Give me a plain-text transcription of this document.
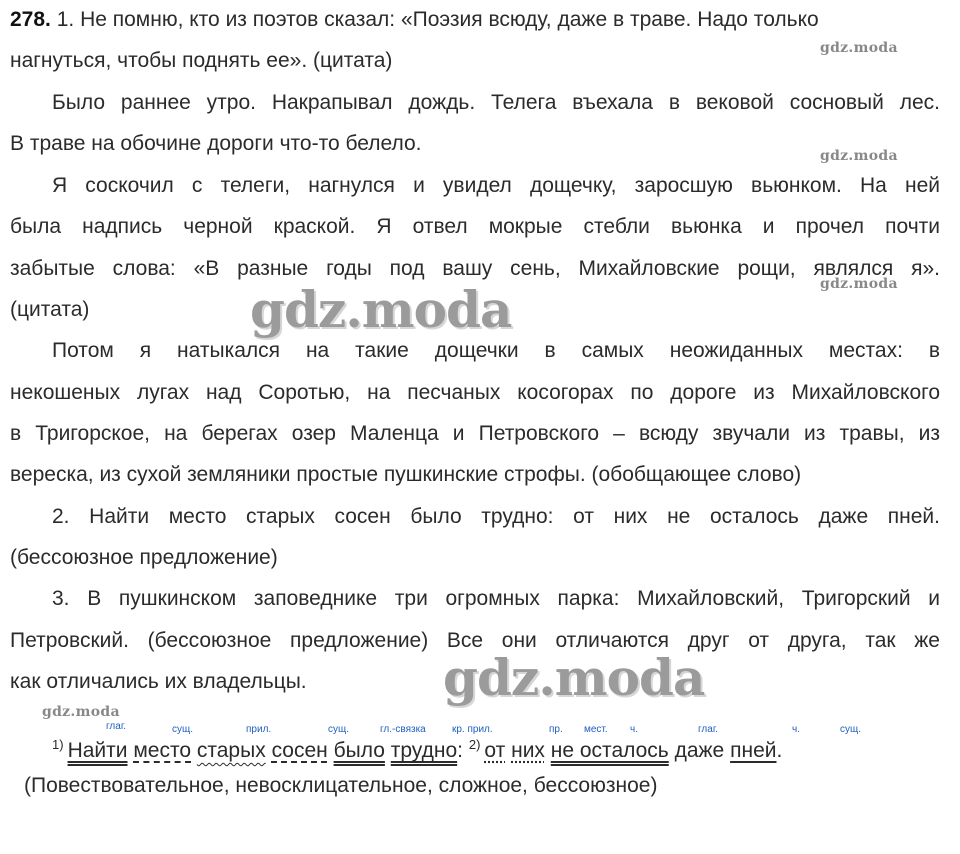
gdz.moda
gdz.moda
gdz.moda
gdz.moda
gdz.moda
gdz.moda
278. 1. Не помню, кто из поэтов сказал: «Поэзия всюду, даже в траве. Надо только
нагнуться, чтобы поднять ее». (цитата)
Было раннее утро. Накрапывал дождь. Телега въехала в вековой сосновый лес.
В траве на обочине дороги что-то белело.
Я соскочил с телеги, нагнулся и увидел дощечку, заросшую вьюнком. На ней
была надпись черной краской. Я отвел мокрые стебли вьюнка и прочел почти
забытые слова: «В разные годы под вашу сень, Михайловские рощи, являлся я».
(цитата)
Потом я натыкался на такие дощечки в самых неожиданных местах: в
некошеных лугах над Соротью, на песчаных косогорах по дороге из Михайловского
в Тригорское, на берегах озер Маленца и Петровского – всюду звучали из травы, из
вереска, из сухой земляники простые пушкинские строфы. (обобщающее слово)
2. Найти место старых сосен было трудно: от них не осталось даже пней.
(бессоюзное предложение)
3. В пушкинском заповеднике три огромных парка: Михайловский, Тригорский и
Петровский. (бессоюзное предложение) Все они отличаются друг от друга, так же
как отличались их владельцы.
глаг.	сущ.	прил.	сущ.	гл.-связка	кр. прил.	пр. мест. ч.	глаг.	ч.	сущ.
$^{1)}$ Найти место старых сосен было трудно: $^{2)}$ от них не осталось даже пней.
(Повествовательное, невосклицательное, сложное, бессоюзное)
